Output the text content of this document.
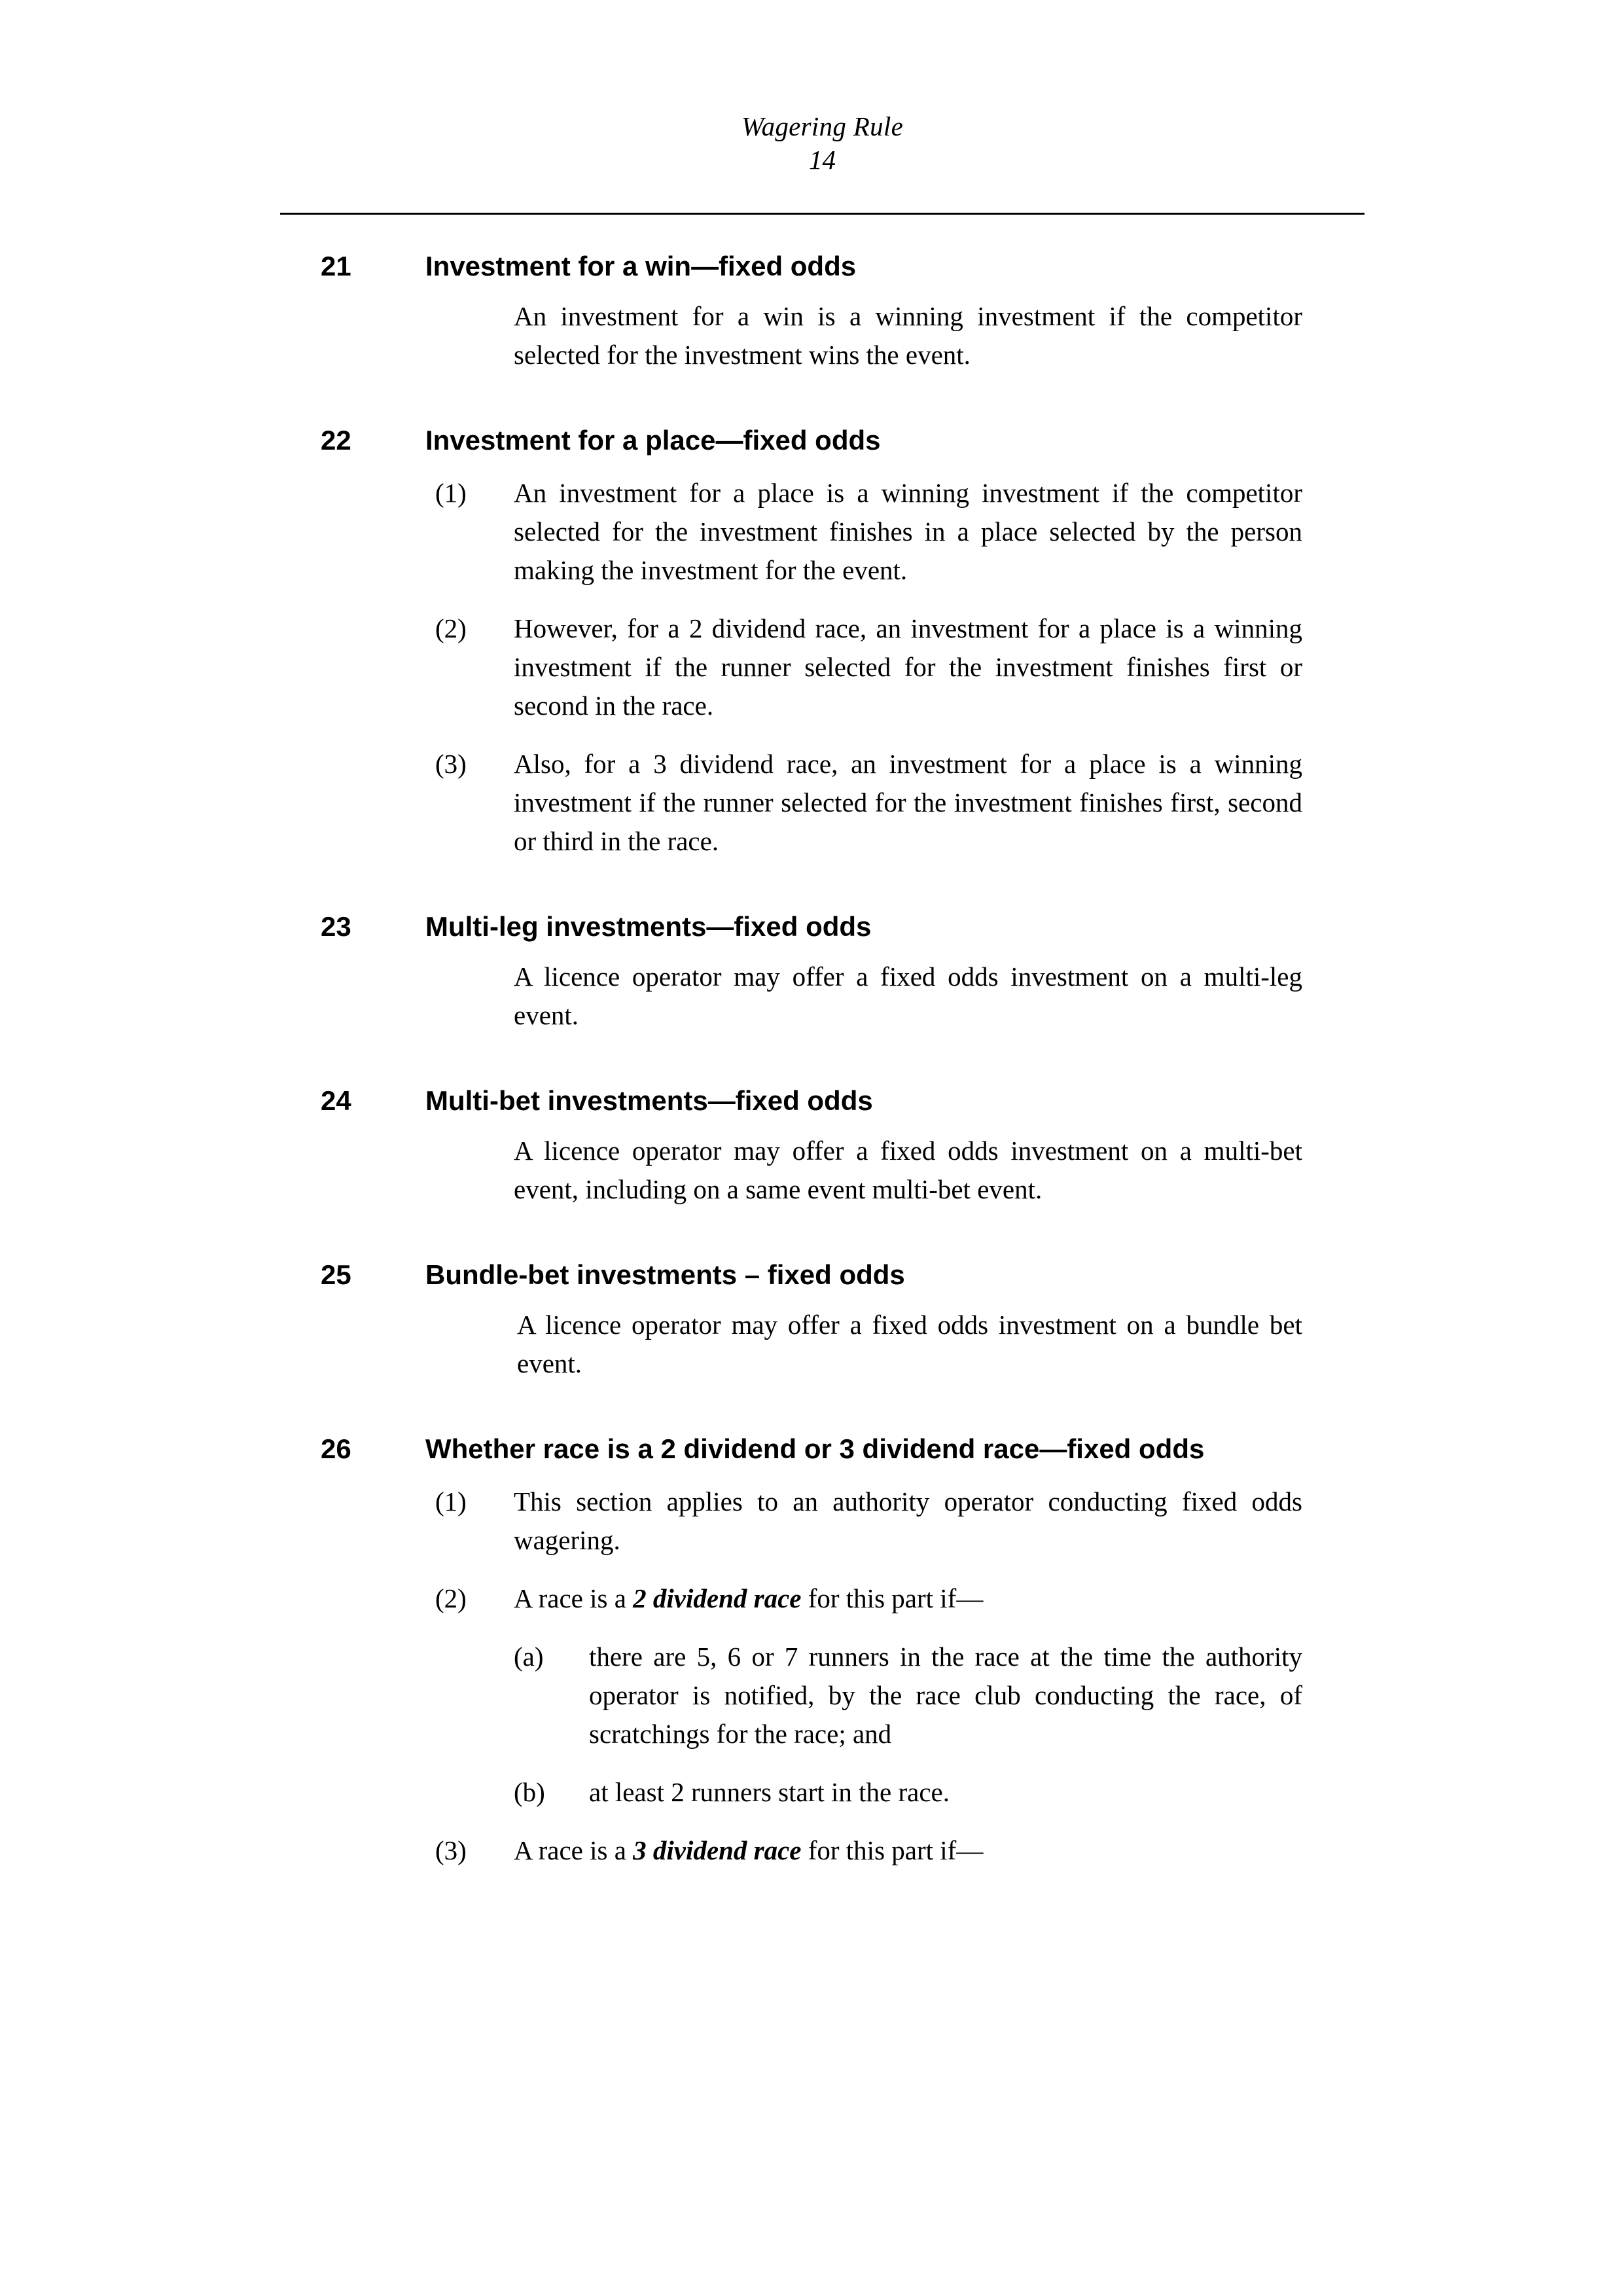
Wagering Rule
14
21	Investment for a win—fixed odds

An investment for a win is a winning investment if the competitor selected for the investment wins the event.

22	Investment for a place—fixed odds
(1)	An investment for a place is a winning investment if the competitor selected for the investment finishes in a place selected by the person making the investment for the event.
(2)	However, for a 2 dividend race, an investment for a place is a winning investment if the runner selected for the investment finishes first or second in the race.
(3)	Also, for a 3 dividend race, an investment for a place is a winning investment if the runner selected for the investment finishes first, second or third in the race.
23	Multi-leg investments—fixed odds

A licence operator may offer a fixed odds investment on a multi-leg event.

24	Multi-bet investments—fixed odds

A licence operator may offer a fixed odds investment on a multi-bet event, including on a same event multi-bet event.

25	Bundle-bet investments – fixed odds

A licence operator may offer a fixed odds investment on a bundle bet event.

26	Whether race is a 2 dividend or 3 dividend race—fixed odds
(1)	This section applies to an authority operator conducting fixed odds wagering.
(2)	A race is a 2 dividend race for this part if—
(a)	there are 5, 6 or 7 runners in the race at the time the authority operator is notified, by the race club conducting the race, of scratchings for the race; and
(b)	at least 2 runners start in the race.
(3)	A race is a 3 dividend race for this part if—
